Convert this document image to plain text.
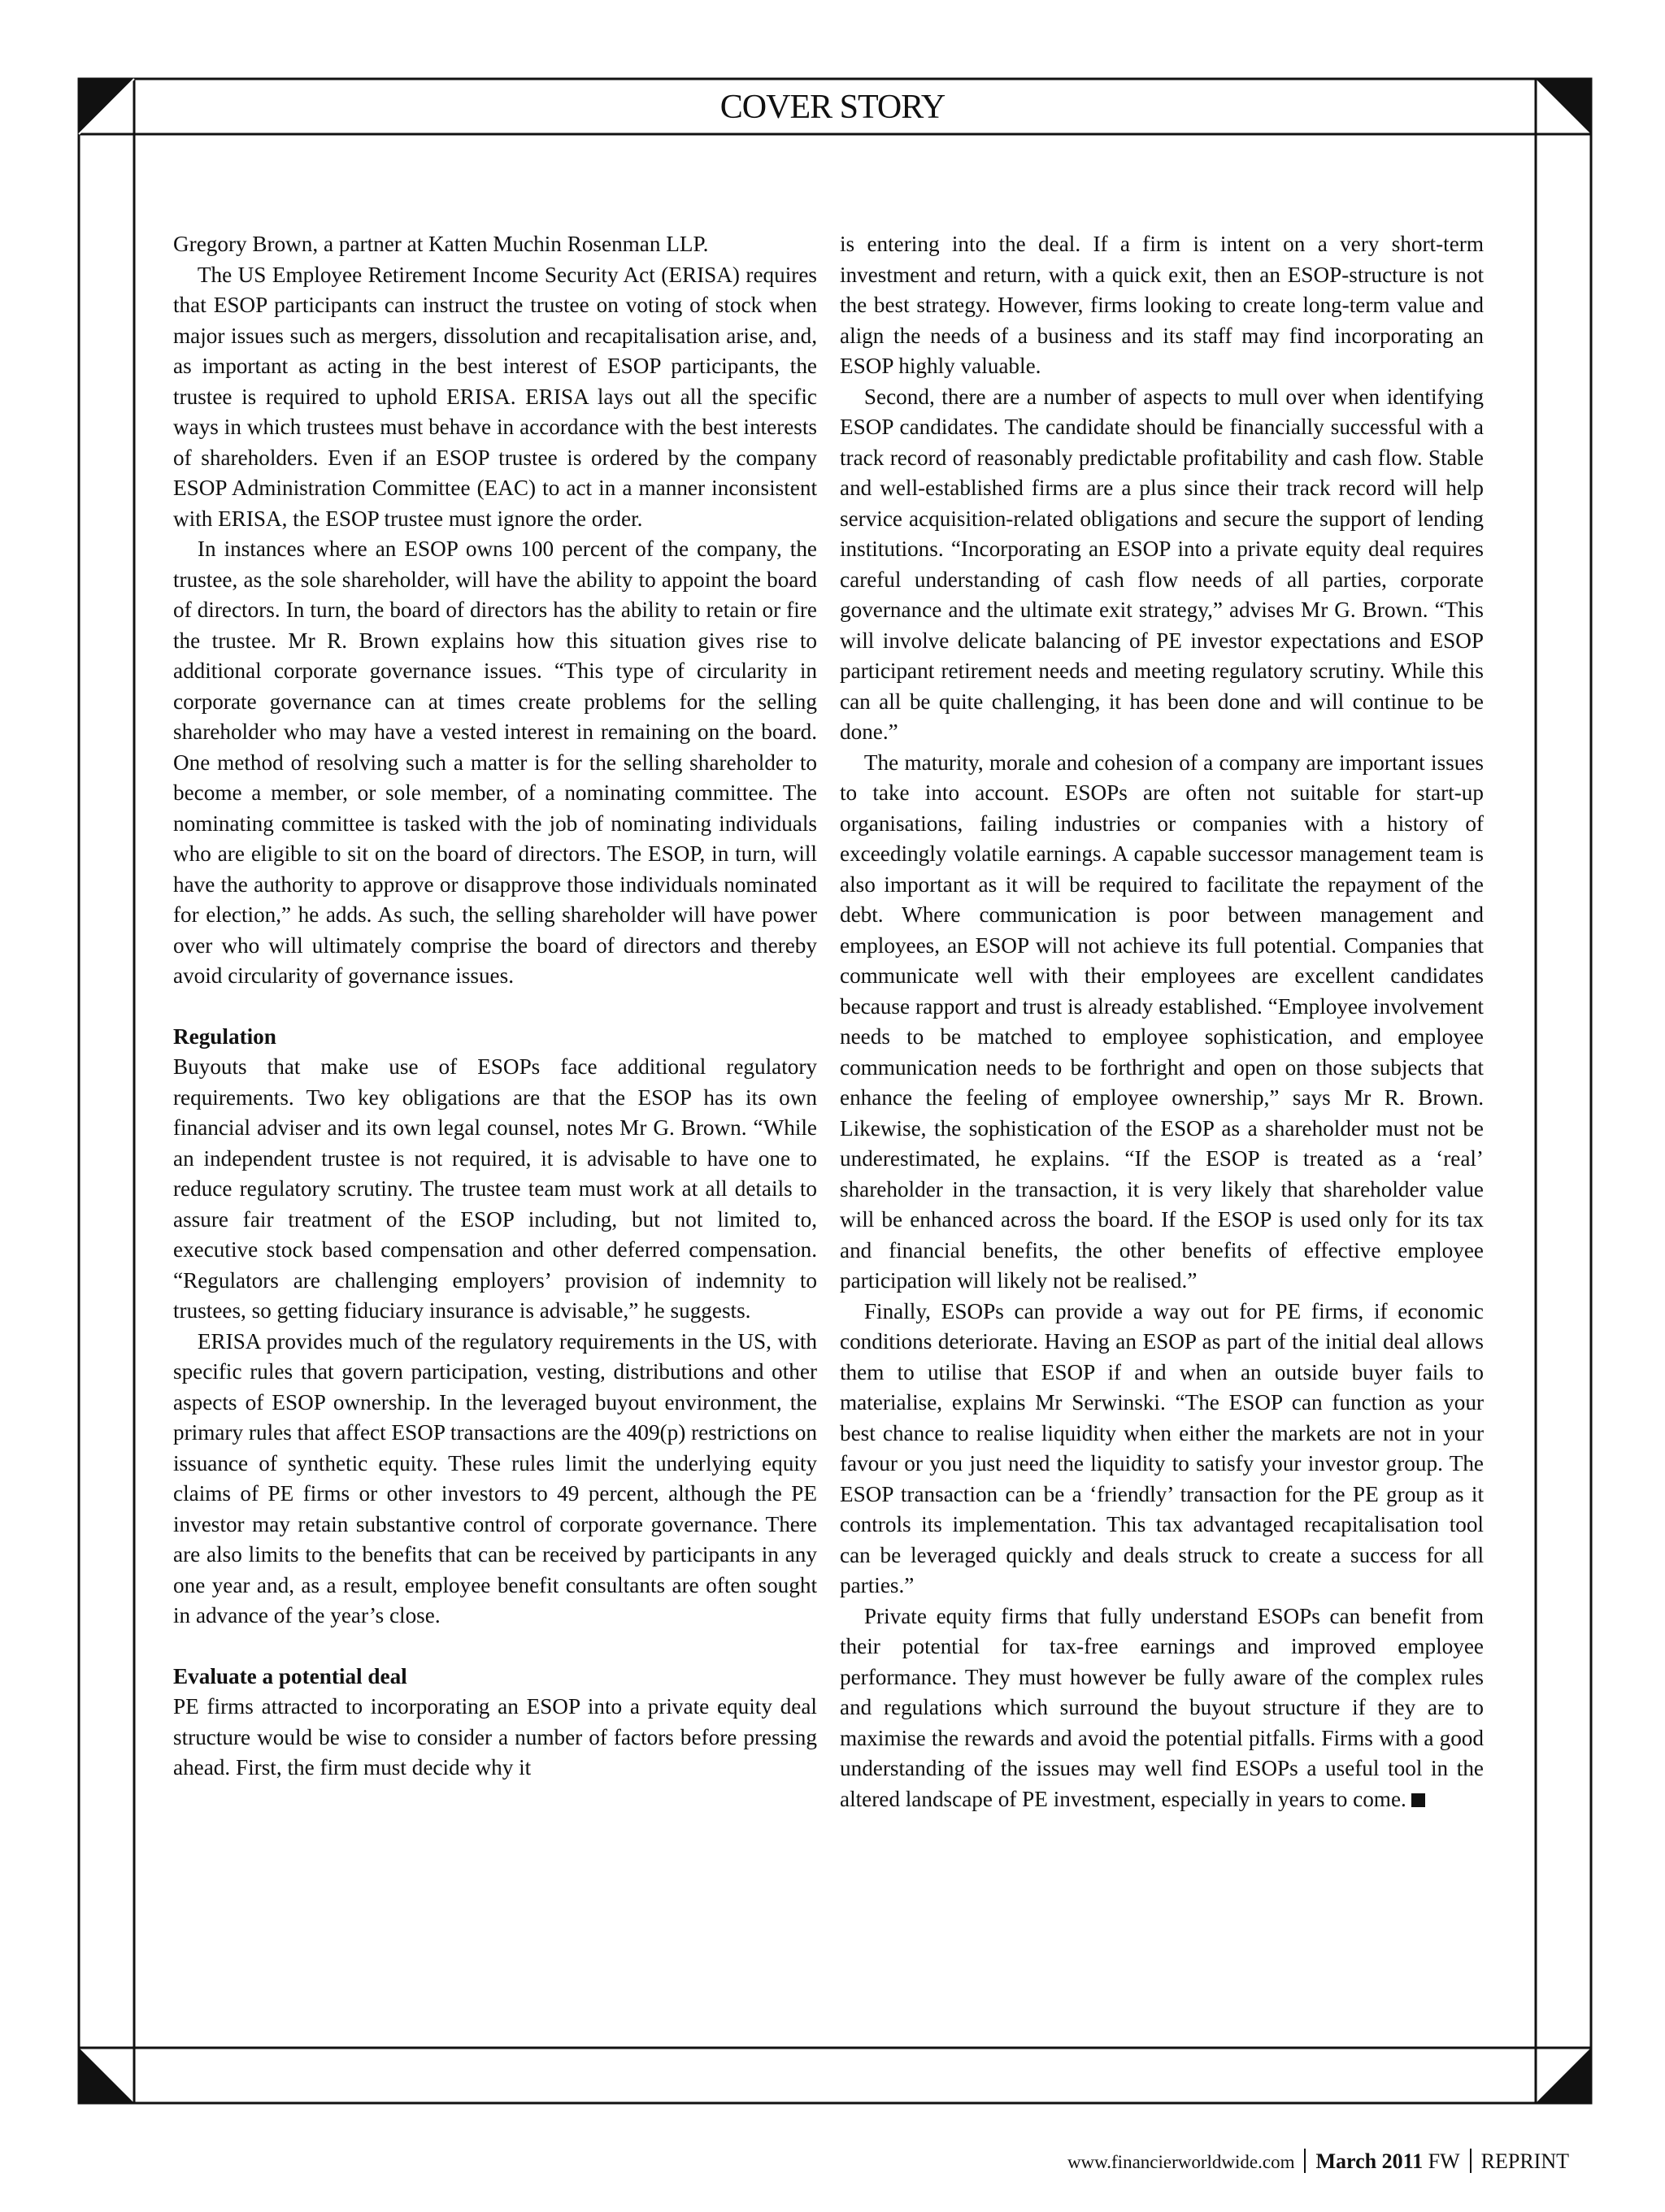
COVER STORY

Gregory Brown, a partner at Katten Muchin Rosenman LLP.

The US Employee Retirement Income Security Act (ERISA) requires that ESOP participants can instruct the trustee on voting of stock when major issues such as mergers, dissolution and recapitalisation arise, and, as important as acting in the best interest of ESOP participants, the trustee is required to uphold ERISA. ERISA lays out all the specific ways in which trustees must behave in accordance with the best interests of shareholders. Even if an ESOP trustee is ordered by the company ESOP Administration Committee (EAC) to act in a manner inconsistent with ERISA, the ESOP trustee must ignore the order.

In instances where an ESOP owns 100 percent of the company, the trustee, as the sole shareholder, will have the ability to appoint the board of directors. In turn, the board of directors has the ability to retain or fire the trustee. Mr R. Brown explains how this situation gives rise to additional corporate governance issues. “This type of circularity in corporate governance can at times create problems for the selling shareholder who may have a vested interest in remaining on the board. One method of resolving such a matter is for the selling shareholder to become a member, or sole member, of a nominating committee. The nominating committee is tasked with the job of nominating individuals who are eligible to sit on the board of directors. The ESOP, in turn, will have the authority to approve or disapprove those individuals nominated for election,” he adds. As such, the selling shareholder will have power over who will ultimately comprise the board of directors and thereby avoid circularity of governance issues.

Regulation

Buyouts that make use of ESOPs face additional regulatory requirements. Two key obligations are that the ESOP has its own financial adviser and its own legal counsel, notes Mr G. Brown. “While an independent trustee is not required, it is advisable to have one to reduce regulatory scrutiny. The trustee team must work at all details to assure fair treatment of the ESOP including, but not limited to, executive stock based compensation and other deferred compensation. “Regulators are challenging employers’ provision of indemnity to trustees, so getting fiduciary insurance is advisable,” he suggests.

ERISA provides much of the regulatory requirements in the US, with specific rules that govern participation, vesting, distributions and other aspects of ESOP ownership. In the leveraged buyout environment, the primary rules that affect ESOP transactions are the 409(p) restrictions on issuance of synthetic equity. These rules limit the underlying equity claims of PE firms or other investors to 49 percent, although the PE investor may retain substantive control of corporate governance. There are also limits to the benefits that can be received by participants in any one year and, as a result, employee benefit consultants are often sought in advance of the year’s close.

Evaluate a potential deal

PE firms attracted to incorporating an ESOP into a private equity deal structure would be wise to consider a number of factors before pressing ahead. First, the firm must decide why it

is entering into the deal. If a firm is intent on a very short-term investment and return, with a quick exit, then an ESOP-structure is not the best strategy. However, firms looking to create long-term value and align the needs of a business and its staff may find incorporating an ESOP highly valuable.

Second, there are a number of aspects to mull over when identifying ESOP candidates. The candidate should be financially successful with a track record of reasonably predictable profitability and cash flow. Stable and well-established firms are a plus since their track record will help service acquisition-related obligations and secure the support of lending institutions. “Incorporating an ESOP into a private equity deal requires careful understanding of cash flow needs of all parties, corporate governance and the ultimate exit strategy,” advises Mr G. Brown. “This will involve delicate balancing of PE investor expectations and ESOP participant retirement needs and meeting regulatory scrutiny. While this can all be quite challenging, it has been done and will continue to be done.”

The maturity, morale and cohesion of a company are important issues to take into account. ESOPs are often not suitable for start-up organisations, failing industries or companies with a history of exceedingly volatile earnings. A capable successor management team is also important as it will be required to facilitate the repayment of the debt. Where communication is poor between management and employees, an ESOP will not achieve its full potential. Companies that communicate well with their employees are excellent candidates because rapport and trust is already established. “Employee involvement needs to be matched to employee sophistication, and employee communication needs to be forthright and open on those subjects that enhance the feeling of employee ownership,” says Mr R. Brown. Likewise, the sophistication of the ESOP as a shareholder must not be underestimated, he explains. “If the ESOP is treated as a ‘real’ shareholder in the transaction, it is very likely that shareholder value will be enhanced across the board. If the ESOP is used only for its tax and financial benefits, the other benefits of effective employee participation will likely not be realised.”

Finally, ESOPs can provide a way out for PE firms, if economic conditions deteriorate. Having an ESOP as part of the initial deal allows them to utilise that ESOP if and when an outside buyer fails to materialise, explains Mr Serwinski. “The ESOP can function as your best chance to realise liquidity when either the markets are not in your favour or you just need the liquidity to satisfy your investor group. The ESOP transaction can be a ‘friendly’ transaction for the PE group as it controls its implementation. This tax advantaged recapitalisation tool can be leveraged quickly and deals struck to create a success for all parties.”

Private equity firms that fully understand ESOPs can benefit from their potential for tax-free earnings and improved employee performance. They must however be fully aware of the complex rules and regulations which surround the buyout structure if they are to maximise the rewards and avoid the potential pitfalls. Firms with a good understanding of the issues may well find ESOPs a useful tool in the altered landscape of PE investment, especially in years to come.

www.financierworldwide.com March 2011 FW REPRINT
